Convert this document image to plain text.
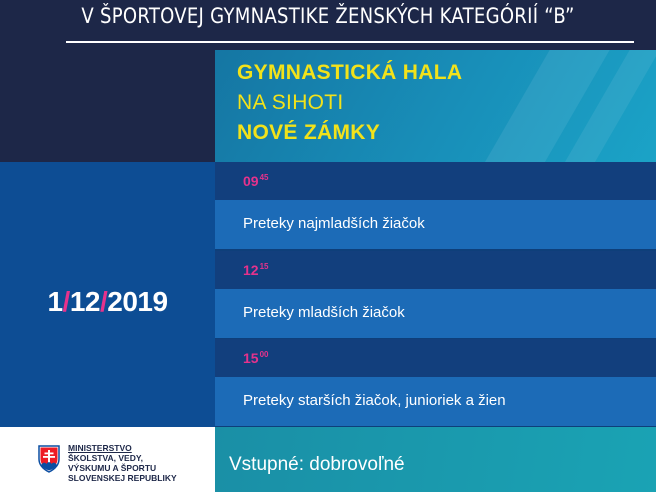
V ŠPORTOVEJ GYMNASTIKE ŽENSKÝCH KATEGÓRIÍ “B”
GYMNASTICKÁ HALA
NA SIHOTI
NOVÉ ZÁMKY
1/12/2019
$09^{45}$
Preteky najmladších žiačok
$12^{15}$
Preteky mladších žiačok
$15^{00}$
Preteky starších žiačok, junioriek a žien
MINISTERSTVO
ŠKOLSTVA, VEDY,
VÝSKUMU A ŠPORTU
SLOVENSKEJ REPUBLIKY
Vstupné: dobrovoľné
